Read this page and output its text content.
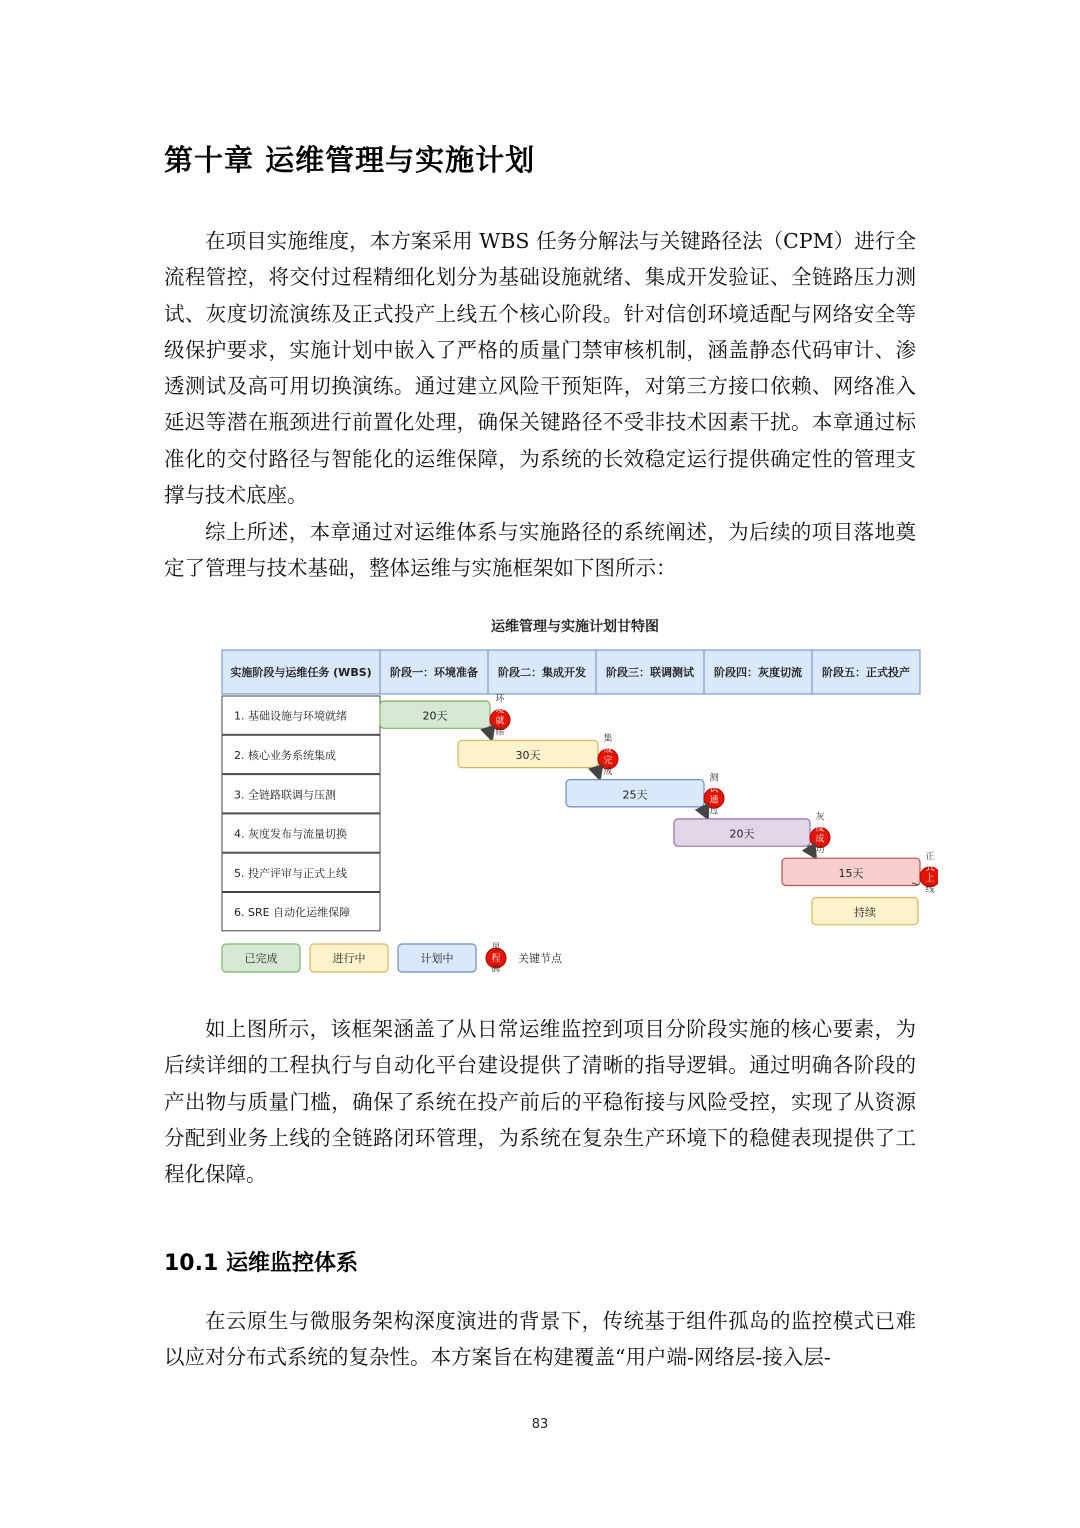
第十章 运维管理与实施计划

在项目实施维度，本方案采用 WBS 任务分解法与关键路径法（CPM）进行全流程管控，将交付过程精细化划分为基础设施就绪、集成开发验证、全链路压力测试、灰度切流演练及正式投产上线五个核心阶段。针对信创环境适配与网络安全等级保护要求，实施计划中嵌入了严格的质量门禁审核机制，涵盖静态代码审计、渗透测试及高可用切换演练。通过建立风险干预矩阵，对第三方接口依赖、网络准入延迟等潜在瓶颈进行前置化处理，确保关键路径不受非技术因素干扰。本章通过标准化的交付路径与智能化的运维保障，为系统的长效稳定运行提供确定性的管理支撑与技术底座。

综上所述，本章通过对运维体系与实施路径的系统阐述，为后续的项目落地奠定了管理与技术基础，整体运维与实施框架如下图所示：

运维管理与实施计划甘特图
实施阶段与运维任务 (WBS) 阶段一：环境准备 阶段二：集成开发 阶段三：联调测试 阶段四：灰度切流 阶段五：正式投产
1. 基础设施与环境就绪	20天
环
境
就
绪
2. 核心业务系统集成	30天
集
成
完
成
3. 全链路联调与压测	25天
测
试
通
过
4. 灰度发布与流量切换	20天
灰
度
成
功
5. 投产评审与正式上线	15天
正
式
上
线
6. SRE 自动化运维保障	持续
已完成	进行中	计划中
里
程
碑
关键节点

如上图所示，该框架涵盖了从日常运维监控到项目分阶段实施的核心要素，为后续详细的工程执行与自动化平台建设提供了清晰的指导逻辑。通过明确各阶段的产出物与质量门槛，确保了系统在投产前后的平稳衔接与风险受控，实现了从资源分配到业务上线的全链路闭环管理，为系统在复杂生产环境下的稳健表现提供了工程化保障。

10.1 运维监控体系

在云原生与微服务架构深度演进的背景下，传统基于组件孤岛的监控模式已难以应对分布式系统的复杂性。本方案旨在构建覆盖“用户端-网络层-接入层-

83
